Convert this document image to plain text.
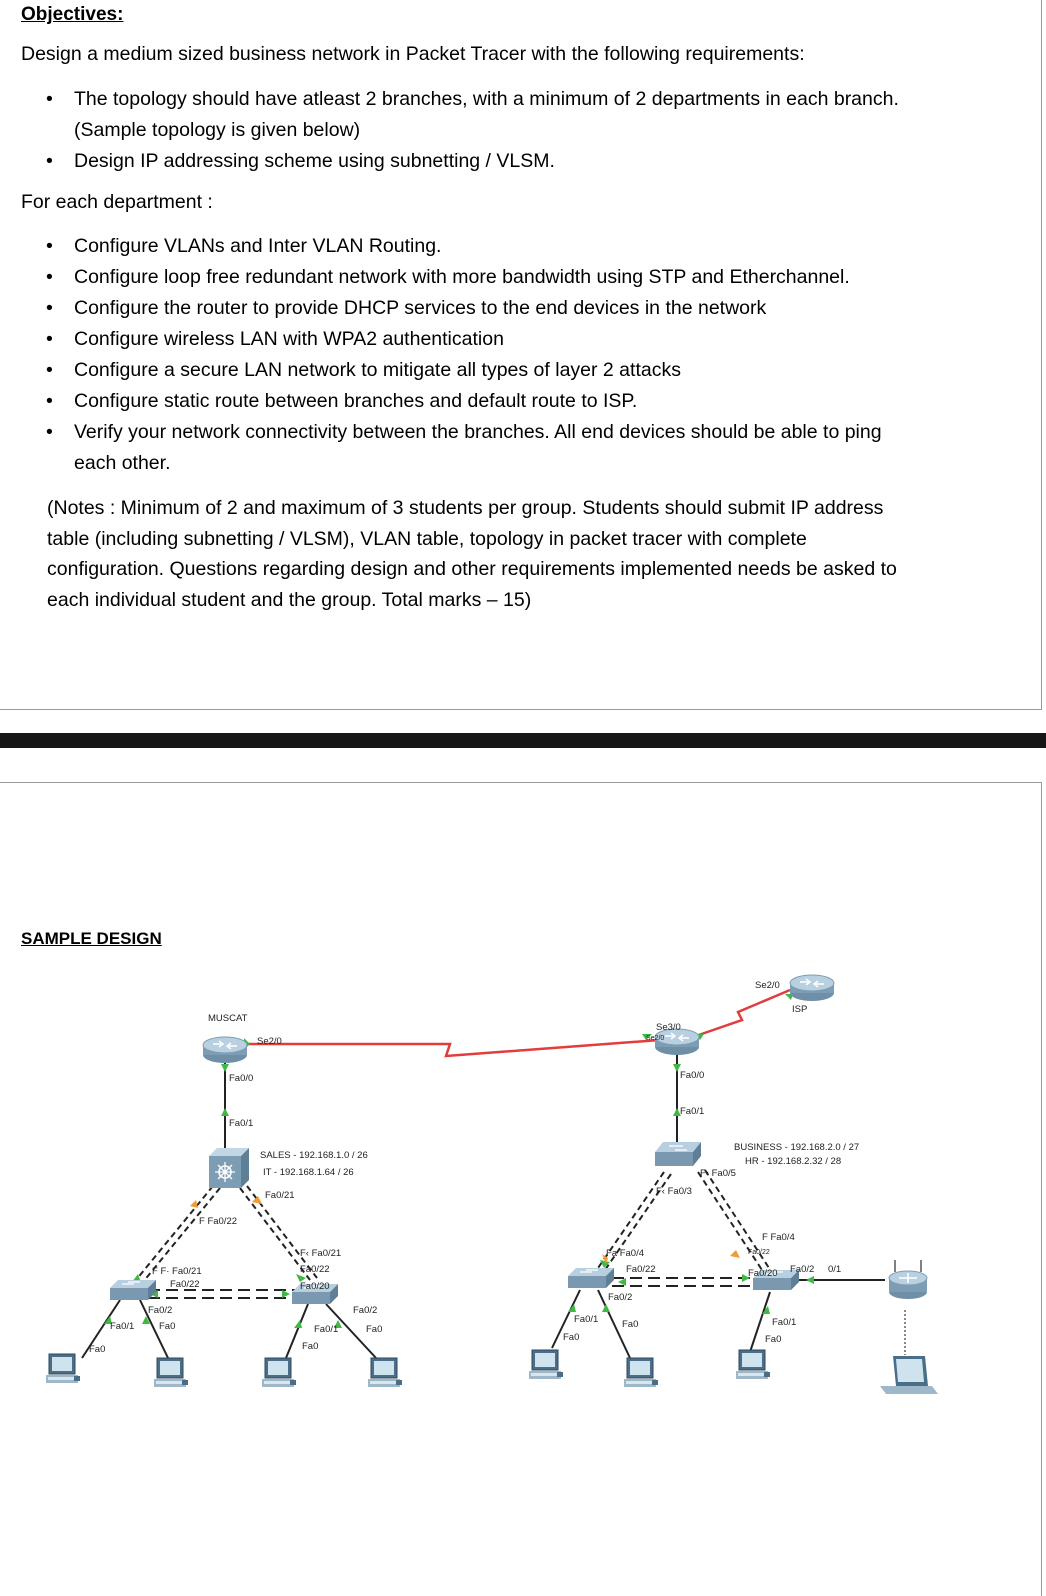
Objectives:
Design a medium sized business network in Packet Tracer with the following requirements:
• The topology should have atleast 2 branches, with a minimum of 2 departments in each branch. (Sample topology is given below)
• Design IP addressing scheme using subnetting / VLSM.
For each department :
• Configure VLANs and Inter VLAN Routing.
• Configure loop free redundant network with more bandwidth using STP and Etherchannel.
• Configure the router to provide DHCP services to the end devices in the network
• Configure wireless LAN with WPA2 authentication
• Configure a secure LAN network to mitigate all types of layer 2 attacks
• Configure static route between branches and default route to ISP.
• Verify your network connectivity between the branches. All end devices should be able to ping each other.
(Notes : Minimum of 2 and maximum of 3 students per group. Students should submit IP address table (including subnetting / VLSM), VLAN table, topology in packet tracer with complete configuration. Questions regarding design and other requirements implemented needs be asked to each individual student and the group. Total marks – 15)
SAMPLE DESIGN
MUSCAT
Se2/0
Fa0/0
Fa0/1
SALES - 192.168.1.0 / 26
IT - 192.168.1.64 / 26
Fa0/21
F Fa0/22
F F· Fa0/21
Fa0/22
Fa0/2
Fa0/1
Fa0
Fa0
F‹ Fa0/21
Fa0/22
Fa0/20
Fa0/2
Fa0/1
Fa0
Fa0
Se3/0
Se2/0
Fa0/0
Fa0/1
F‹ Fa0/5
F‹ Fa0/3
BUSINESS - 192.168.2.0 / 27
HR - 192.168.2.32 / 28
Fa Fa0/4
Fa0/22
Fa0/2
Fa0/1
Fa0
Fa0
F Fa0/4
Fa0/22
Fa0/20 Fa0/2 0/1
Fa0/1
Fa0
Se2/0
ISP
